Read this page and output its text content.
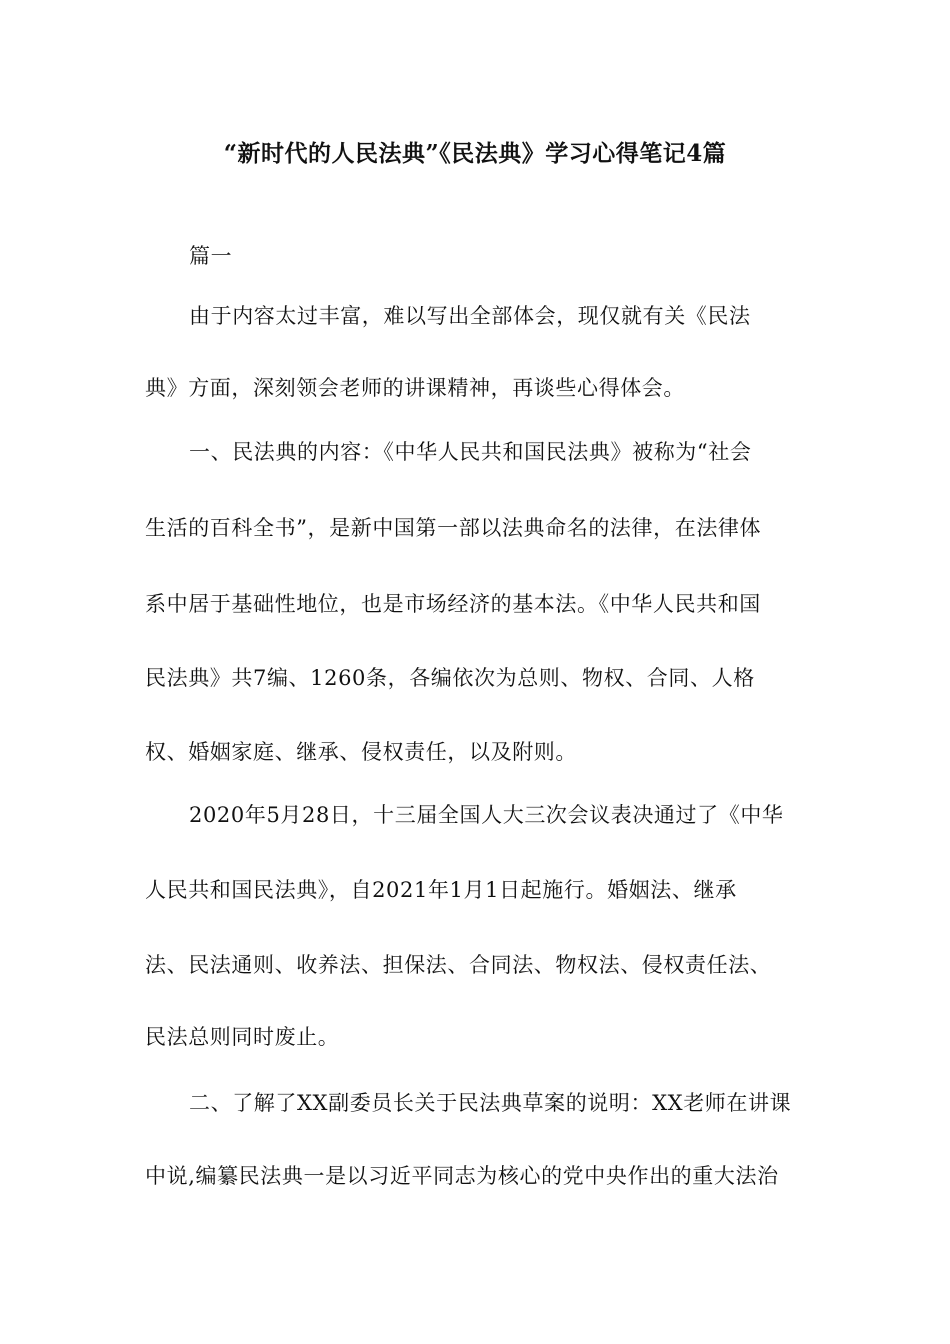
“新时代的人民法典”《民法典》学习心得笔记4篇
篇一
由于内容太过丰富，难以写出全部体会，现仅就有关《民法
典》方面，深刻领会老师的讲课精神，再谈些心得体会。
一、民法典的内容：《中华人民共和国民法典》被称为“社会
生活的百科全书”，是新中国第一部以法典命名的法律，在法律体
系中居于基础性地位，也是市场经济的基本法。《中华人民共和国
民法典》共7编、1260条，各编依次为总则、物权、合同、人格
权、婚姻家庭、继承、侵权责任，以及附则。
2020年5月28日，十三届全国人大三次会议表决通过了《中华
人民共和国民法典》，自2021年1月1日起施行。婚姻法、继承
法、民法通则、收养法、担保法、合同法、物权法、侵权责任法、
民法总则同时废止。
二、了解了XX副委员长关于民法典草案的说明：XX老师在讲课
中说,编纂民法典一是以习近平同志为核心的党中央作出的重大法治
